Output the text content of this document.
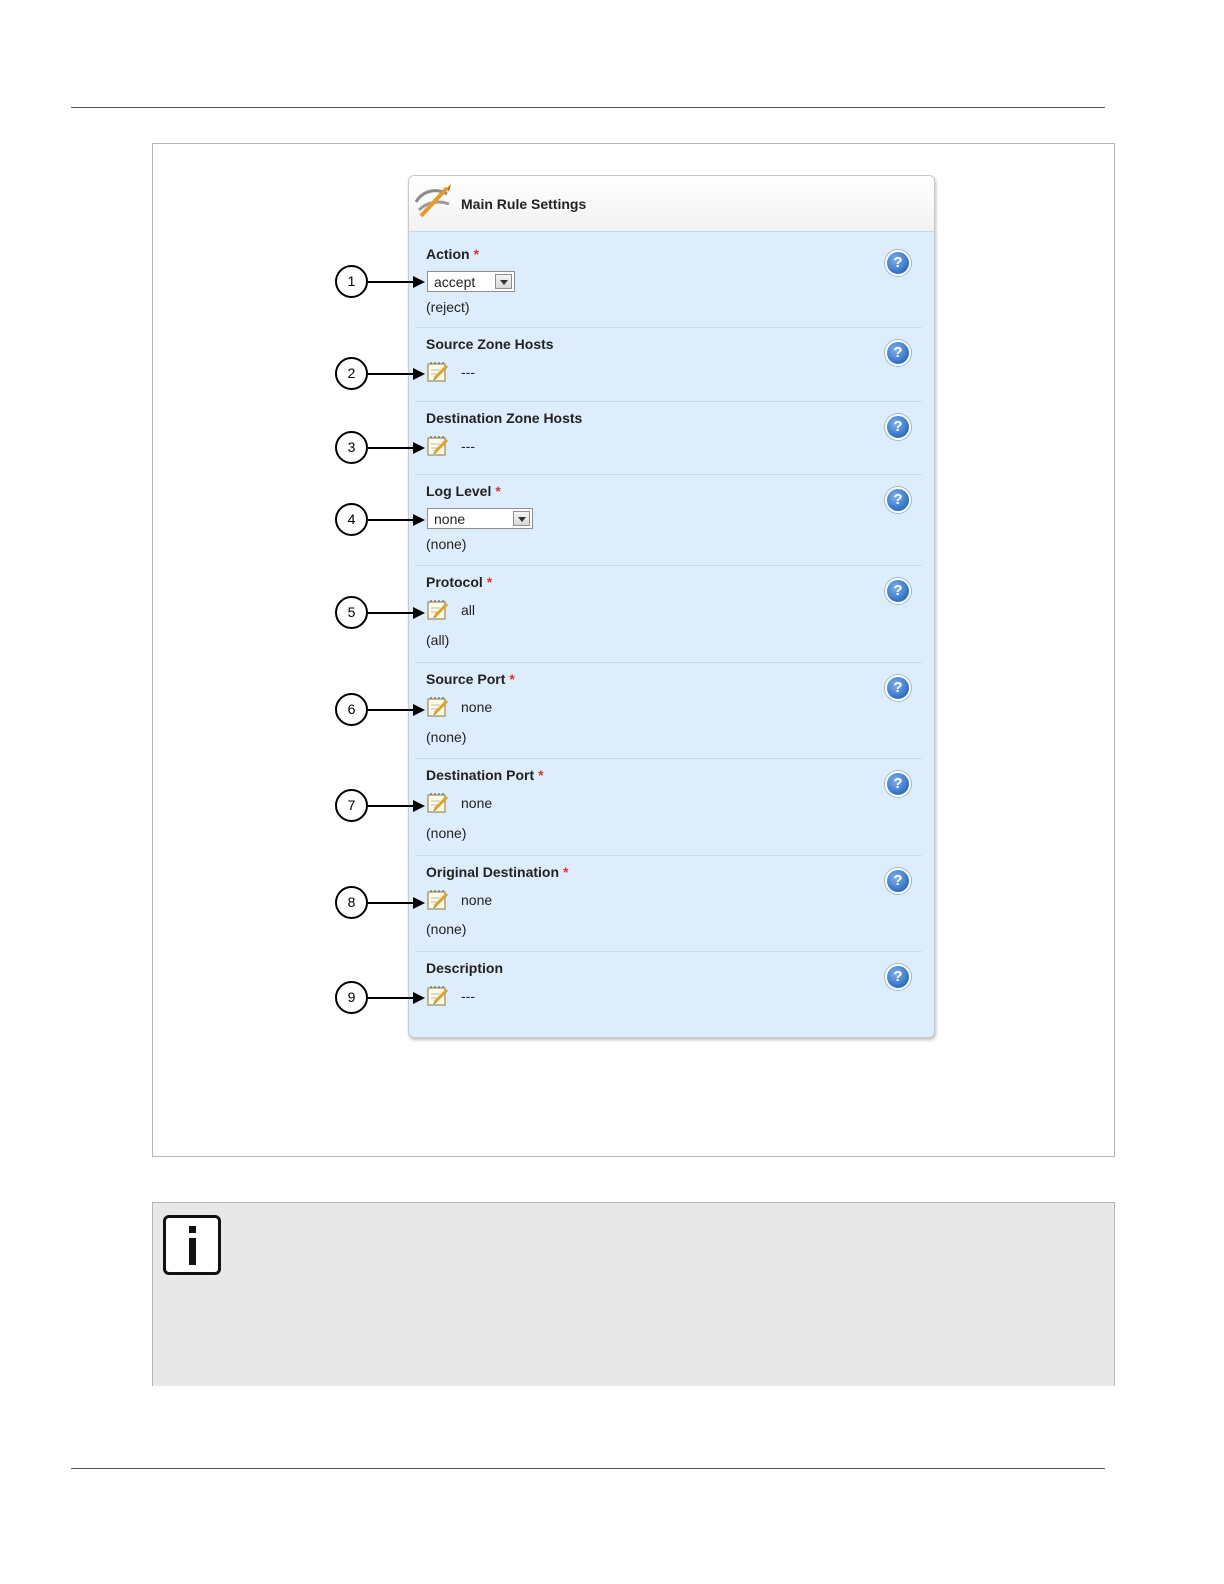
Main Rule Settings
Action *
accept
(reject)
?
Source Zone Hosts
---
?
Destination Zone Hosts
---
?
Log Level *
none
(none)
?
Protocol *
all
(all)
?
Source Port *
none
(none)
?
Destination Port *
none
(none)
?
Original Destination *
none
(none)
?
Description
---
?
1
2
3
4
5
6
7
8
9
